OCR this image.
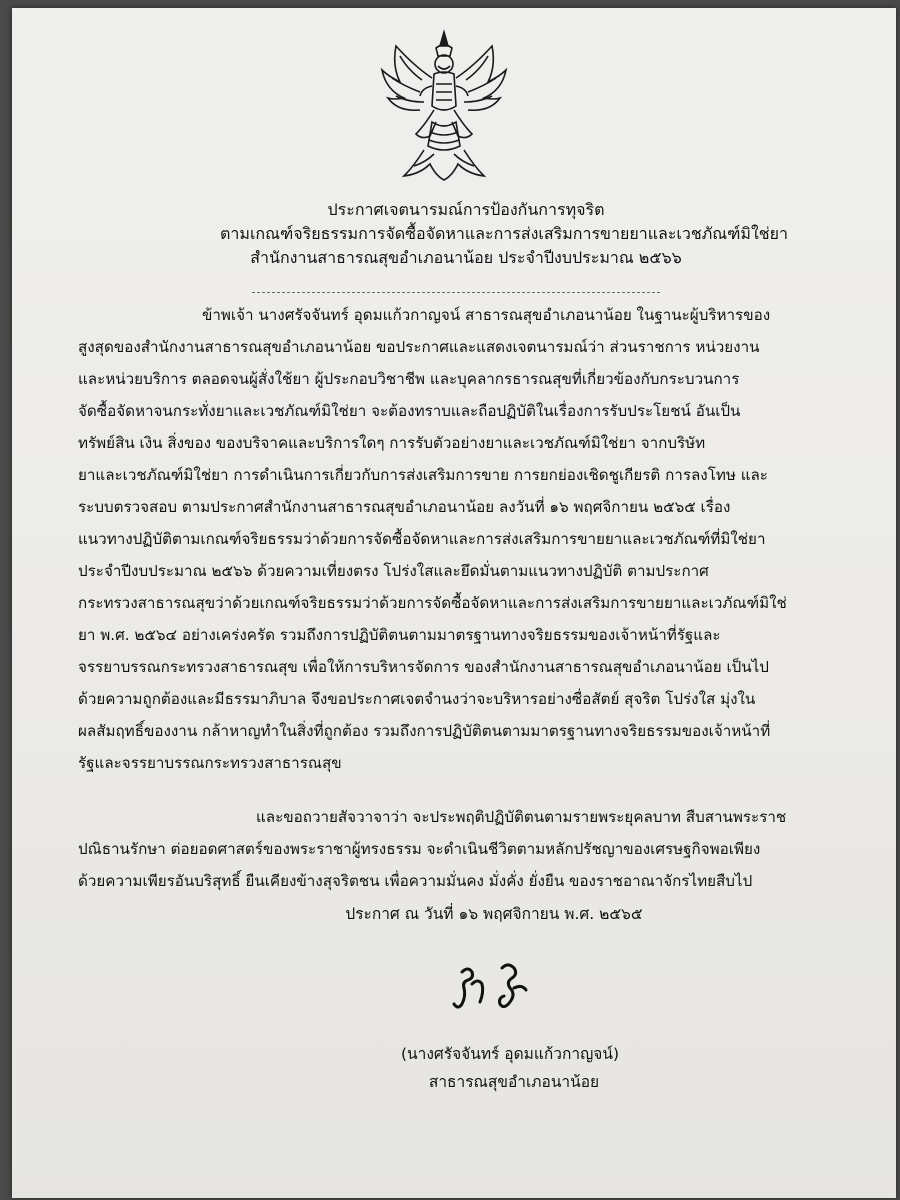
ประกาศเจตนารมณ์การป้องกันการทุจริต
ตามเกณฑ์จริยธรรมการจัดซื้อจัดหาและการส่งเสริมการขายยาและเวชภัณฑ์มิใช่ยา
สำนักงานสาธารณสุขอำเภอนาน้อย ประจำปีงบประมาณ ๒๕๖๖
ข้าพเจ้า นางศรัจจันทร์ อุดมแก้วกาญจน์ สาธารณสุขอำเภอนาน้อย ในฐานะผู้บริหารของ
สูงสุดของสำนักงานสาธารณสุขอำเภอนาน้อย ขอประกาศและแสดงเจตนารมณ์ว่า ส่วนราชการ หน่วยงาน
และหน่วยบริการ ตลอดจนผู้สั่งใช้ยา ผู้ประกอบวิชาชีพ และบุคลากรธารณสุขที่เกี่ยวข้องกับกระบวนการ
จัดซื้อจัดหาจนกระทั่งยาและเวชภัณฑ์มิใช่ยา จะต้องทราบและถือปฏิบัติในเรื่องการรับประโยชน์ อันเป็น
ทรัพย์สิน เงิน สิ่งของ ของบริจาคและบริการใดๆ การรับตัวอย่างยาและเวชภัณฑ์มิใช่ยา จากบริษัท
ยาและเวชภัณฑ์มิใช่ยา การดำเนินการเกี่ยวกับการส่งเสริมการขาย การยกย่องเชิดชูเกียรติ การลงโทษ และ
ระบบตรวจสอบ ตามประกาศสำนักงานสาธารณสุขอำเภอนาน้อย ลงวันที่ ๑๖ พฤศจิกายน ๒๕๖๕ เรื่อง
แนวทางปฏิบัติตามเกณฑ์จริยธรรมว่าด้วยการจัดซื้อจัดหาและการส่งเสริมการขายยาและเวชภัณฑ์ที่มิใช่ยา
ประจำปีงบประมาณ ๒๕๖๖ ด้วยความเที่ยงตรง โปร่งใสและยึดมั่นตามแนวทางปฏิบัติ ตามประกาศ
กระทรวงสาธารณสุขว่าด้วยเกณฑ์จริยธรรมว่าด้วยการจัดซื้อจัดหาและการส่งเสริมการขายยาและเวภัณฑ์มิใช่
ยา พ.ศ. ๒๕๖๔ อย่างเคร่งครัด รวมถึงการปฏิบัติตนตามมาตรฐานทางจริยธรรมของเจ้าหน้าที่รัฐและ
จรรยาบรรณกระทรวงสาธารณสุข เพื่อให้การบริหารจัดการ ของสำนักงานสาธารณสุขอำเภอนาน้อย เป็นไป
ด้วยความถูกต้องและมีธรรมาภิบาล จึงขอประกาศเจตจำนงว่าจะบริหารอย่างซื่อสัตย์ สุจริต โปร่งใส มุ่งใน
ผลสัมฤทธิ์ของงาน กล้าหาญทำในสิ่งที่ถูกต้อง รวมถึงการปฏิบัติตนตามมาตรฐานทางจริยธรรมของเจ้าหน้าที่
รัฐและจรรยาบรรณกระทรวงสาธารณสุข
และขอถวายสัจวาจาว่า จะประพฤติปฏิบัติตนตามรายพระยุคลบาท สืบสานพระราช
ปณิธานรักษา ต่อยอดศาสตร์ของพระราชาผู้ทรงธรรม จะดำเนินชีวิตตามหลักปรัชญาของเศรษฐกิจพอเพียง
ด้วยความเพียรอันบริสุทธิ์ ยืนเคียงข้างสุจริตชน เพื่อความมั่นคง มั่งคั่ง ยั่งยืน ของราชอาณาจักรไทยสืบไป
ประกาศ ณ วันที่ ๑๖ พฤศจิกายน พ.ศ. ๒๕๖๕
(นางศรัจจันทร์ อุดมแก้วกาญจน์)
สาธารณสุขอำเภอนาน้อย
